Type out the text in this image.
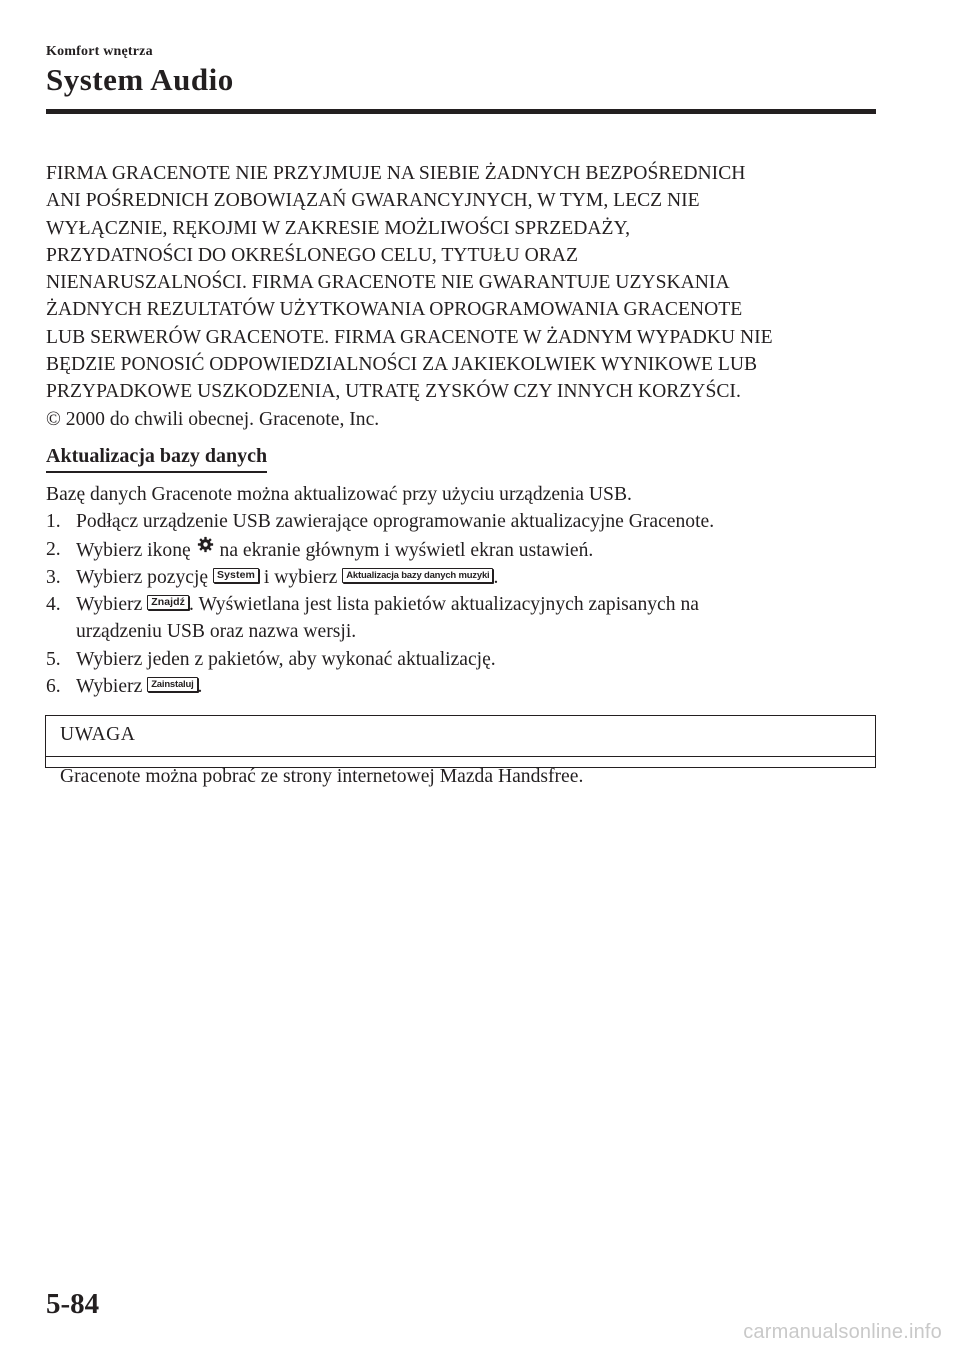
Komfort wnętrza
System Audio
FIRMA GRACENOTE NIE PRZYJMUJE NA SIEBIE ŻADNYCH BEZPOŚREDNICH
ANI POŚREDNICH ZOBOWIĄZAŃ GWARANCYJNYCH, W TYM, LECZ NIE
WYŁĄCZNIE, RĘKOJMI W ZAKRESIE MOŻLIWOŚCI SPRZEDAŻY,
PRZYDATNOŚCI DO OKREŚLONEGO CELU, TYTUŁU ORAZ
NIENARUSZALNOŚCI. FIRMA GRACENOTE NIE GWARANTUJE UZYSKANIA
ŻADNYCH REZULTATÓW UŻYTKOWANIA OPROGRAMOWANIA GRACENOTE
LUB SERWERÓW GRACENOTE. FIRMA GRACENOTE W ŻADNYM WYPADKU NIE
BĘDZIE PONOSIĆ ODPOWIEDZIALNOŚCI ZA JAKIEKOLWIEK WYNIKOWE LUB
PRZYPADKOWE USZKODZENIA, UTRATĘ ZYSKÓW CZY INNYCH KORZYŚCI.
© 2000 do chwili obecnej. Gracenote, Inc.
Aktualizacja bazy danych
Bazę danych Gracenote można aktualizować przy użyciu urządzenia USB.
1. Podłącz urządzenie USB zawierające oprogramowanie aktualizacyjne Gracenote.
2. Wybierz ikonę na ekranie głównym i wyświetl ekran ustawień.
3. Wybierz pozycję System i wybierz Aktualizacja bazy danych muzyki .
4. Wybierz Znajdź . Wyświetlana jest lista pakietów aktualizacyjnych zapisanych na
urządzeniu USB oraz nazwa wersji.
5. Wybierz jeden z pakietów, aby wykonać aktualizację.
6. Wybierz Zainstaluj .
UWAGA
Gracenote można pobrać ze strony internetowej Mazda Handsfree.
5-84
carmanualsonline.info
